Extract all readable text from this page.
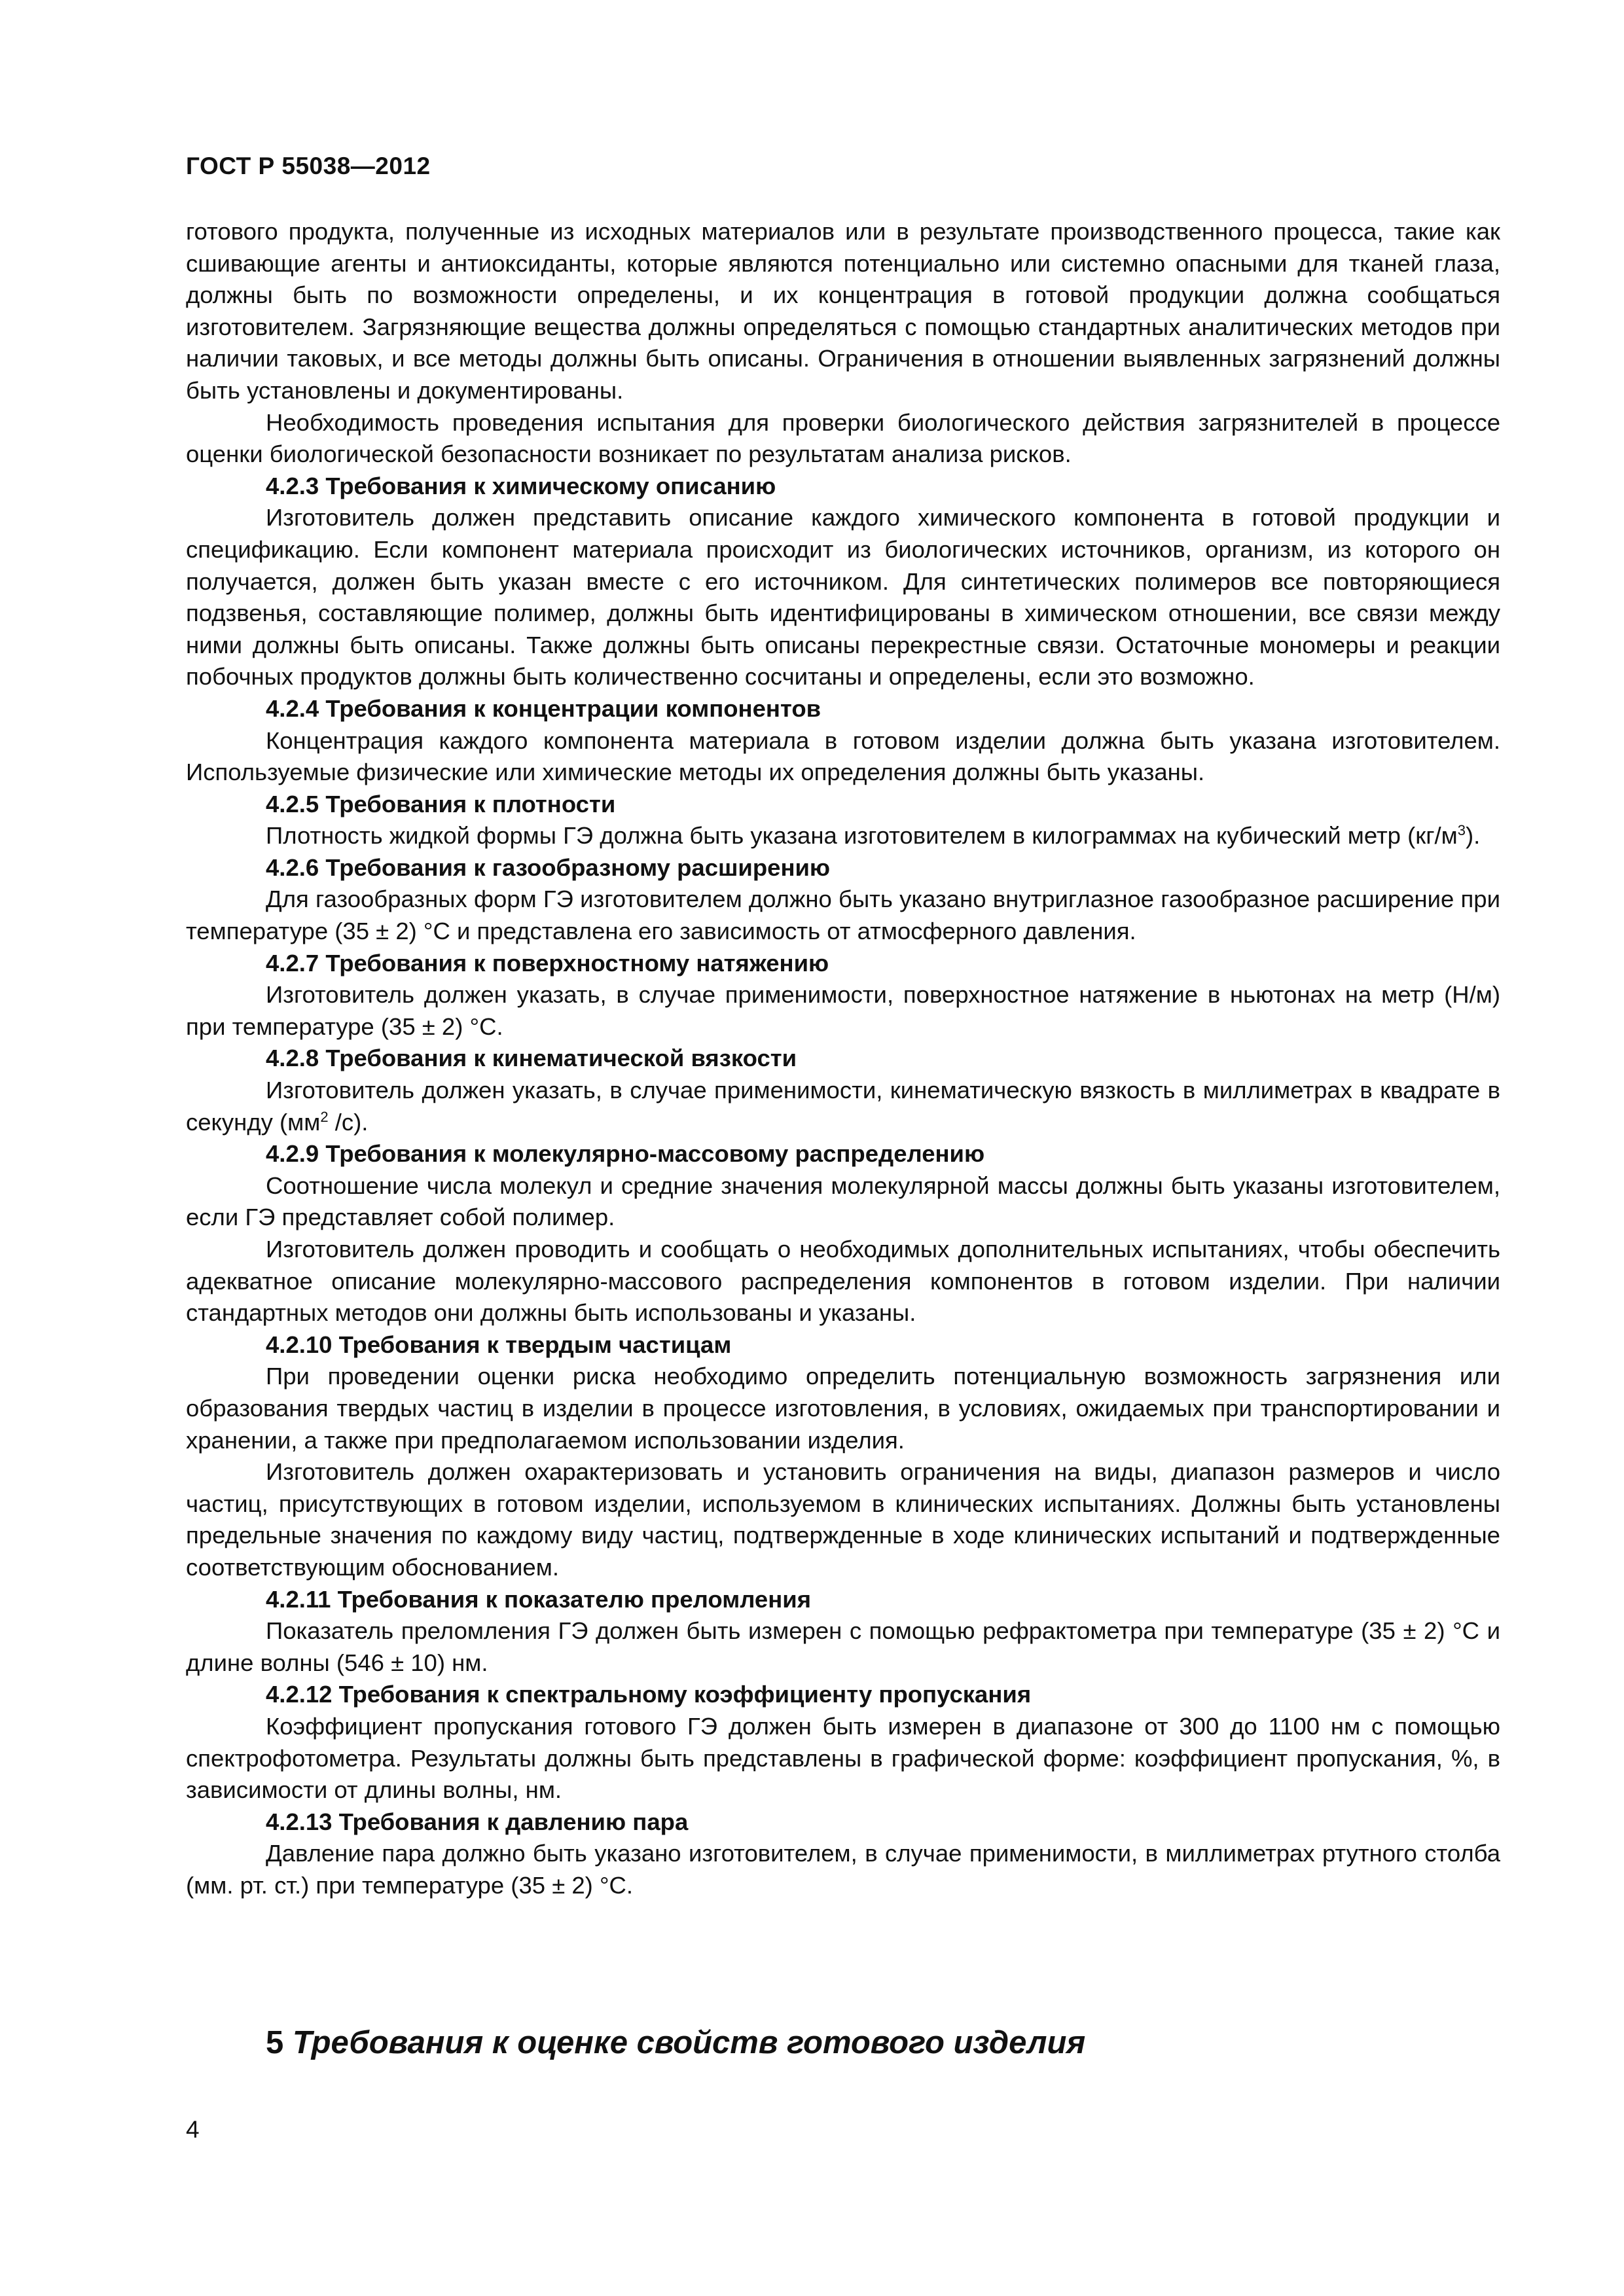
ГОСТ Р 55038—2012

готового продукта, полученные из исходных материалов или в результате производственного процесса, такие как сшивающие агенты и антиоксиданты, которые являются потенциально или системно опасными для тканей глаза, должны быть по возможности определены, и их концентрация в готовой продукции должна сообщаться изготовителем. Загрязняющие вещества должны определяться с помощью стандартных аналитических методов при наличии таковых, и все методы должны быть описаны. Ограничения в отношении выявленных загрязнений должны быть установлены и документированы.

Необходимость проведения испытания для проверки биологического действия загрязнителей в процессе оценки биологической безопасности возникает по результатам анализа рисков.

4.2.3 Требования к химическому описанию

Изготовитель должен представить описание каждого химического компонента в готовой продукции и спецификацию. Если компонент материала происходит из биологических источников, организм, из которого он получается, должен быть указан вместе с его источником. Для синтетических полимеров все повторяющиеся подзвенья, составляющие полимер, должны быть идентифицированы в химическом отношении, все связи между ними должны быть описаны. Также должны быть описаны перекрестные связи. Остаточные мономеры и реакции побочных продуктов должны быть количественно сосчитаны и определены, если это возможно.

4.2.4 Требования к концентрации компонентов

Концентрация каждого компонента материала в готовом изделии должна быть указана изготовителем. Используемые физические или химические методы их определения должны быть указаны.

4.2.5 Требования к плотности

Плотность жидкой формы ГЭ должна быть указана изготовителем в килограммах на кубический метр $(кг/м^3)$.

4.2.6 Требования к газообразному расширению

Для газообразных форм ГЭ изготовителем должно быть указано внутриглазное газообразное расширение при температуре (35 ± 2) °С и представлена его зависимость от атмосферного давления.

4.2.7 Требования к поверхностному натяжению

Изготовитель должен указать, в случае применимости, поверхностное натяжение в ньютонах на метр (Н/м) при температуре (35 ± 2) °С.

4.2.8 Требования к кинематической вязкости

Изготовитель должен указать, в случае применимости, кинематическую вязкость в миллиметрах в квадрате в секунду ($мм^2$ /с).

4.2.9 Требования к молекулярно-массовому распределению

Соотношение числа молекул и средние значения молекулярной массы должны быть указаны изготовителем, если ГЭ представляет собой полимер.

Изготовитель должен проводить и сообщать о необходимых дополнительных испытаниях, чтобы обеспечить адекватное описание молекулярно-массового распределения компонентов в готовом изделии. При наличии стандартных методов они должны быть использованы и указаны.

4.2.10 Требования к твердым частицам

При проведении оценки риска необходимо определить потенциальную возможность загрязнения или образования твердых частиц в изделии в процессе изготовления, в условиях, ожидаемых при транспортировании и хранении, а также при предполагаемом использовании изделия.

Изготовитель должен охарактеризовать и установить ограничения на виды, диапазон размеров и число частиц, присутствующих в готовом изделии, используемом в клинических испытаниях. Должны быть установлены предельные значения по каждому виду частиц, подтвержденные в ходе клинических испытаний и подтвержденные соответствующим обоснованием.

4.2.11 Требования к показателю преломления

Показатель преломления ГЭ должен быть измерен с помощью рефрактометра при температуре (35 ± 2) °С и длине волны (546 ± 10) нм.

4.2.12 Требования к спектральному коэффициенту пропускания

Коэффициент пропускания готового ГЭ должен быть измерен в диапазоне от 300 до 1100 нм с помощью спектрофотометра. Результаты должны быть представлены в графической форме: коэффициент пропускания, %, в зависимости от длины волны, нм.

4.2.13 Требования к давлению пара

Давление пара должно быть указано изготовителем, в случае применимости, в миллиметрах ртутного столба (мм. рт. ст.) при температуре (35 ± 2) °С.

5 Требования к оценке свойств готового изделия
4
